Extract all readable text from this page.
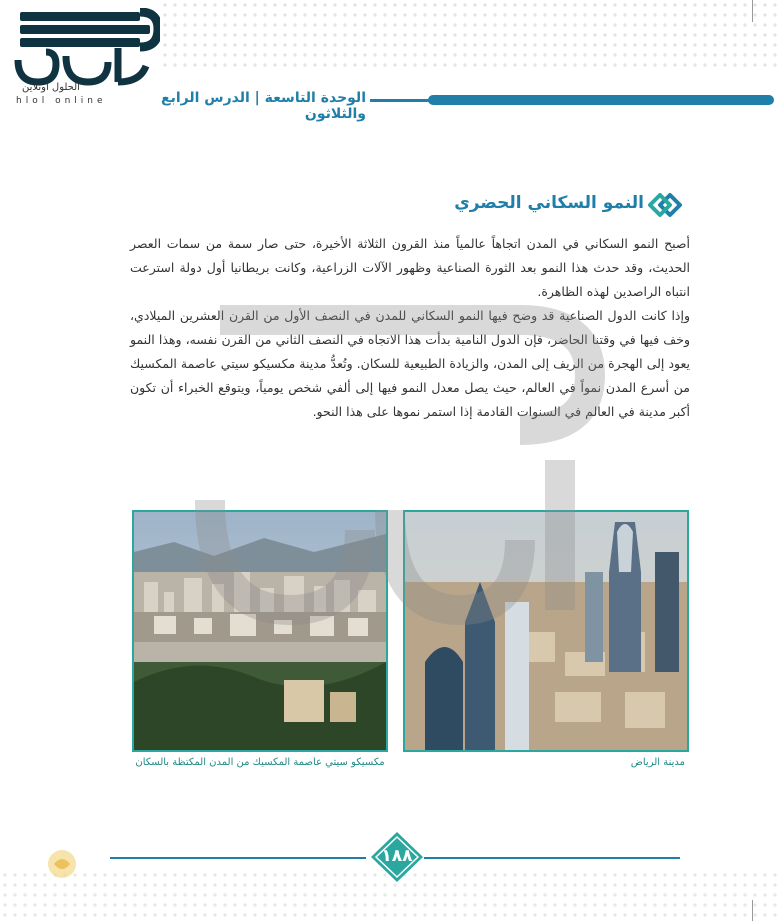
الحلول أونلاين
hlol online	الوحدة التاسعة | الدرس الرابع والثلاثون
النمو السكاني الحضري

أصبح النمو السكاني في المدن اتجاهاً عالمياً منذ القرون الثلاثة الأخيرة، حتى صار سمة من سمات العصر الحديث، وقد حدث هذا النمو بعد الثورة الصناعية وظهور الآلات الزراعية، وكانت بريطانيا أول دولة استرعت انتباه الراصدين لهذه الظاهرة.

وإذا كانت الدول الصناعية قد وضح فيها النمو السكاني للمدن في النصف الأول من القرن العشرين الميلادي، وخف فيها في وقتنا الحاضر، فإن الدول النامية بدأت هذا الاتجاه في النصف الثاني من القرن نفسه، وهذا النمو يعود إلى الهجرة من الريف إلى المدن، والزيادة الطبيعية للسكان. وتُعدُّ مدينة مكسيكو سيتي عاصمة المكسيك من أسرع المدن نمواً في العالم، حيث يصل معدل النمو فيها إلى ألفي شخص يومياً، ويتوقع الخبراء أن تكون أكبر مدينة في العالم في السنوات القادمة إذا استمر نموها على هذا النحو.

مكسيكو سيتي عاصمة المكسيك من المدن المكتظة بالسكان	مدينة الرياض
١٨٨
